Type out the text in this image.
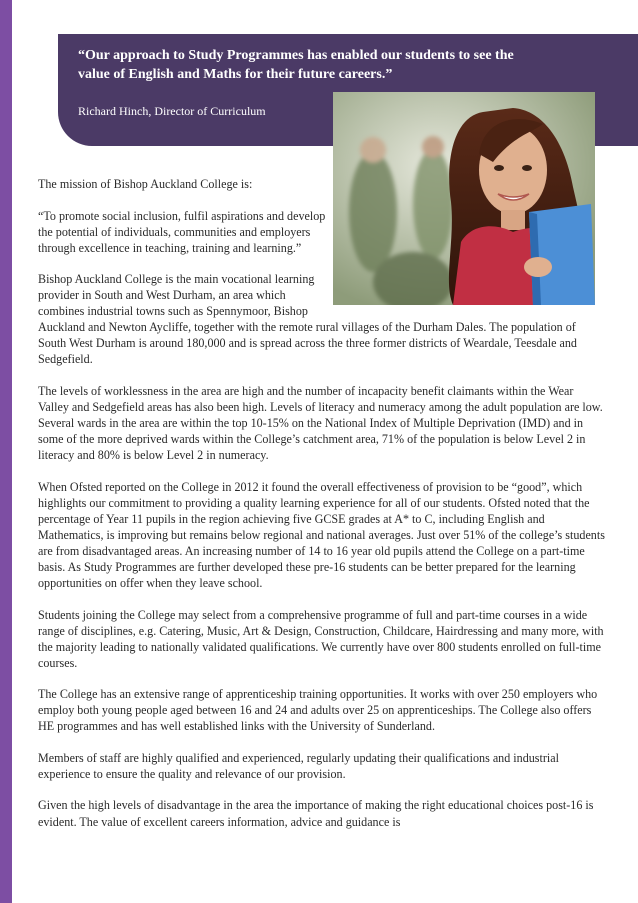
“Our approach to Study Programmes has enabled our students to see the value of English and Maths for their future careers.”

Richard Hinch, Director of Curriculum

The mission of Bishop Auckland College is:

“To promote social inclusion, fulfil aspirations and develop the potential of individuals, communities and employers through excellence in teaching, training and learning.”

Bishop Auckland College is the main vocational learning provider in South and West Durham, an area which combines industrial towns such as Spennymoor, Bishop Auckland and Newton Aycliffe, together with the remote rural villages of the Durham Dales. The population of South West Durham is around 180,000 and is spread across the three former districts of Weardale, Teesdale and Sedgefield.

The levels of worklessness in the area are high and the number of incapacity benefit claimants within the Wear Valley and Sedgefield areas has also been high. Levels of literacy and numeracy among the adult population are low. Several wards in the area are within the top 10-15% on the National Index of Multiple Deprivation (IMD) and in some of the more deprived wards within the College’s catchment area, 71% of the population is below Level 2 in literacy and 80% is below Level 2 in numeracy.

When Ofsted reported on the College in 2012 it found the overall effectiveness of provision to be “good”, which highlights our commitment to providing a quality learning experience for all of our students. Ofsted noted that the percentage of Year 11 pupils in the region achieving five GCSE grades at A* to C, including English and Mathematics, is improving but remains below regional and national averages. Just over 51% of the college’s students are from disadvantaged areas. An increasing number of 14 to 16 year old pupils attend the College on a part-time basis. As Study Programmes are further developed these pre-16 students can be better prepared for the learning opportunities on offer when they leave school.

Students joining the College may select from a comprehensive programme of full and part-time courses in a wide range of disciplines, e.g. Catering, Music, Art & Design, Construction, Childcare, Hairdressing and many more, with the majority leading to nationally validated qualifications. We currently have over 800 students enrolled on full-time courses.

The College has an extensive range of apprenticeship training opportunities. It works with over 250 employers who employ both young people aged between 16 and 24 and adults over 25 on apprenticeships. The College also offers HE programmes and has well established links with the University of Sunderland.

Members of staff are highly qualified and experienced, regularly updating their qualifications and industrial experience to ensure the quality and relevance of our provision.

Given the high levels of disadvantage in the area the importance of making the right educational choices post-16 is evident. The value of excellent careers information, advice and guidance is
